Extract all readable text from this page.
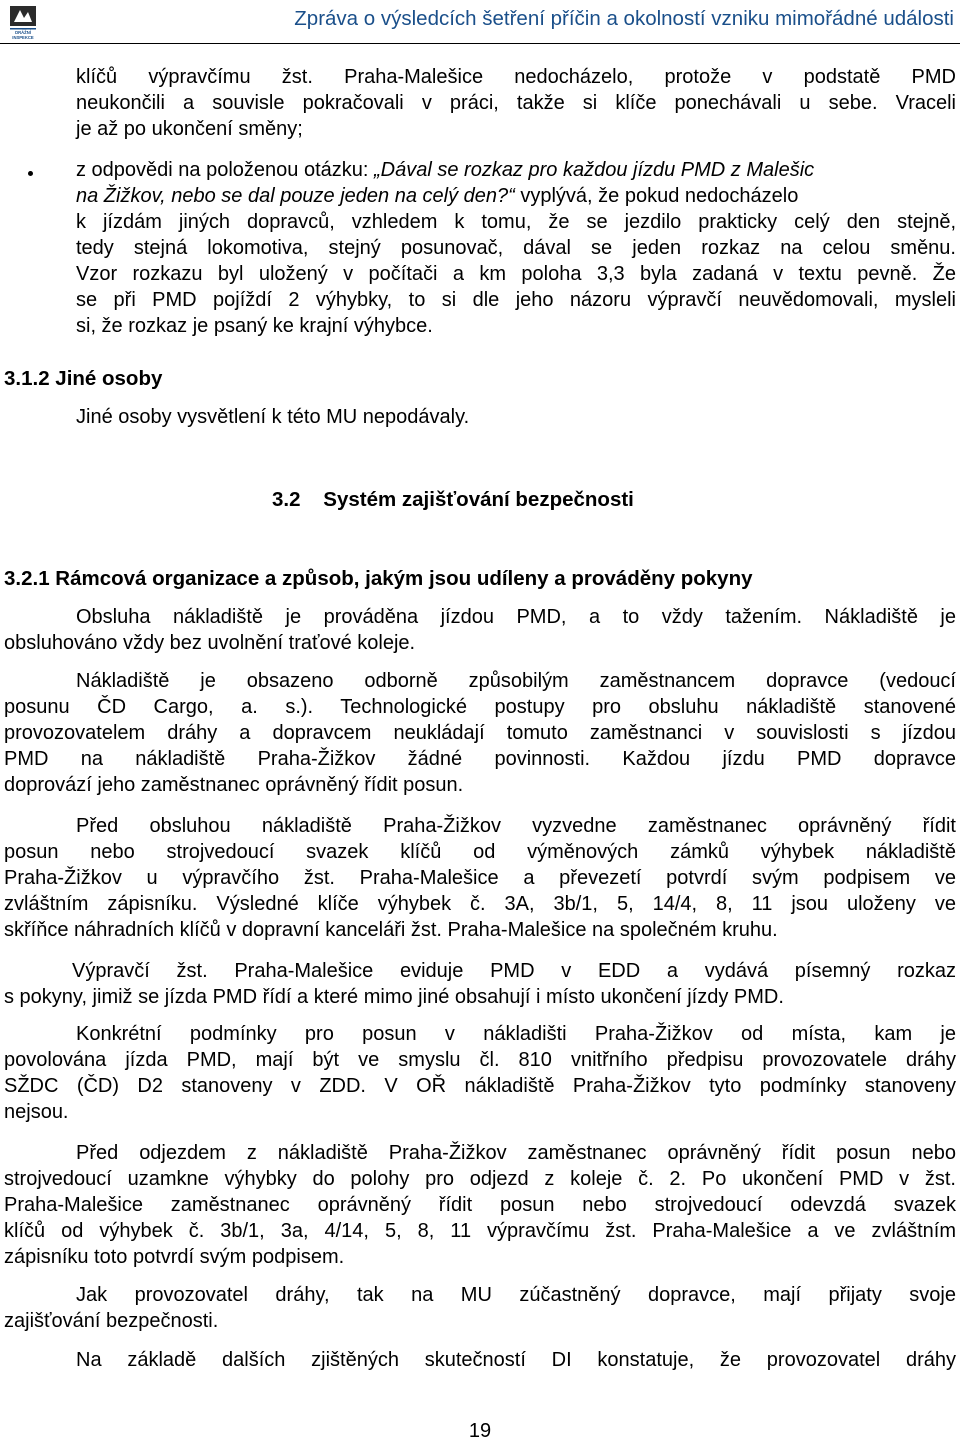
DRÁŽNÍ
INSPEKCE
Zpráva o výsledcích šetření příčin a okolností vzniku mimořádné události
klíčů výpravčímu žst. Praha-Malešice nedocházelo, protože v podstatě PMD
neukončili a souvisle pokračovali v práci, takže si klíče ponechávali u sebe. Vraceli
je až po ukončení směny;
z odpovědi na položenou otázku: „Dával se rozkaz pro každou jízdu PMD z Malešic
na Žižkov, nebo se dal pouze jeden na celý den?“ vyplývá, že pokud nedocházelo
k jízdám jiných dopravců, vzhledem k tomu, že se jezdilo prakticky celý den stejně,
tedy stejná lokomotiva, stejný posunovač, dával se jeden rozkaz na celou směnu.
Vzor rozkazu byl uložený v počítači a km poloha 3,3 byla zadaná v textu pevně. Že
se při PMD pojíždí 2 výhybky, to si dle jeho názoru výpravčí neuvědomovali, mysleli
si, že rozkaz je psaný ke krajní výhybce.
3.1.2 Jiné osoby
Jiné osoby vysvětlení k této MU nepodávaly.
3.2    Systém zajišťování bezpečnosti
3.2.1 Rámcová organizace a způsob, jakým jsou udíleny a prováděny pokyny
Obsluha nákladiště je prováděna jízdou PMD, a to vždy tažením. Nákladiště je
obsluhováno vždy bez uvolnění traťové koleje.
Nákladiště je obsazeno odborně způsobilým zaměstnancem dopravce (vedoucí
posunu ČD Cargo, a. s.). Technologické postupy pro obsluhu nákladiště stanovené
provozovatelem dráhy a dopravcem neukládají tomuto zaměstnanci v souvislosti s jízdou
PMD na nákladiště Praha-Žižkov žádné povinnosti. Každou jízdu PMD dopravce
doprovází jeho zaměstnanec oprávněný řídit posun.
Před obsluhou nákladiště Praha-Žižkov vyzvedne zaměstnanec oprávněný řídit
posun nebo strojvedoucí svazek klíčů od výměnových zámků výhybek nákladiště
Praha-Žižkov u výpravčího žst. Praha-Malešice a převezetí potvrdí svým podpisem ve
zvláštním zápisníku. Výsledné klíče výhybek č. 3A, 3b/1, 5, 14/4, 8, 11 jsou uloženy ve
skříňce náhradních klíčů v dopravní kanceláři žst. Praha-Malešice na společném kruhu.
Výpravčí žst. Praha-Malešice eviduje PMD v EDD a vydává písemný rozkaz
s pokyny, jimiž se jízda PMD řídí a které mimo jiné obsahují i místo ukončení jízdy PMD.
Konkrétní podmínky pro posun v nákladišti Praha-Žižkov od místa, kam je
povolována jízda PMD, mají být ve smyslu čl. 810 vnitřního předpisu provozovatele dráhy
SŽDC (ČD) D2 stanoveny v ZDD. V OŘ nákladiště Praha-Žižkov tyto podmínky stanoveny
nejsou.
Před odjezdem z nákladiště Praha-Žižkov zaměstnanec oprávněný řídit posun nebo
strojvedoucí uzamkne výhybky do polohy pro odjezd z koleje č. 2. Po ukončení PMD v žst.
Praha-Malešice zaměstnanec oprávněný řídit posun nebo strojvedoucí odevzdá svazek
klíčů od výhybek č. 3b/1, 3a, 4/14, 5, 8, 11 výpravčímu žst. Praha-Malešice a ve zvláštním
zápisníku toto potvrdí svým podpisem.
Jak provozovatel dráhy, tak na MU zúčastněný dopravce, mají přijaty svoje
zajišťování bezpečnosti.
Na základě dalších zjištěných skutečností DI konstatuje, že provozovatel dráhy
19
